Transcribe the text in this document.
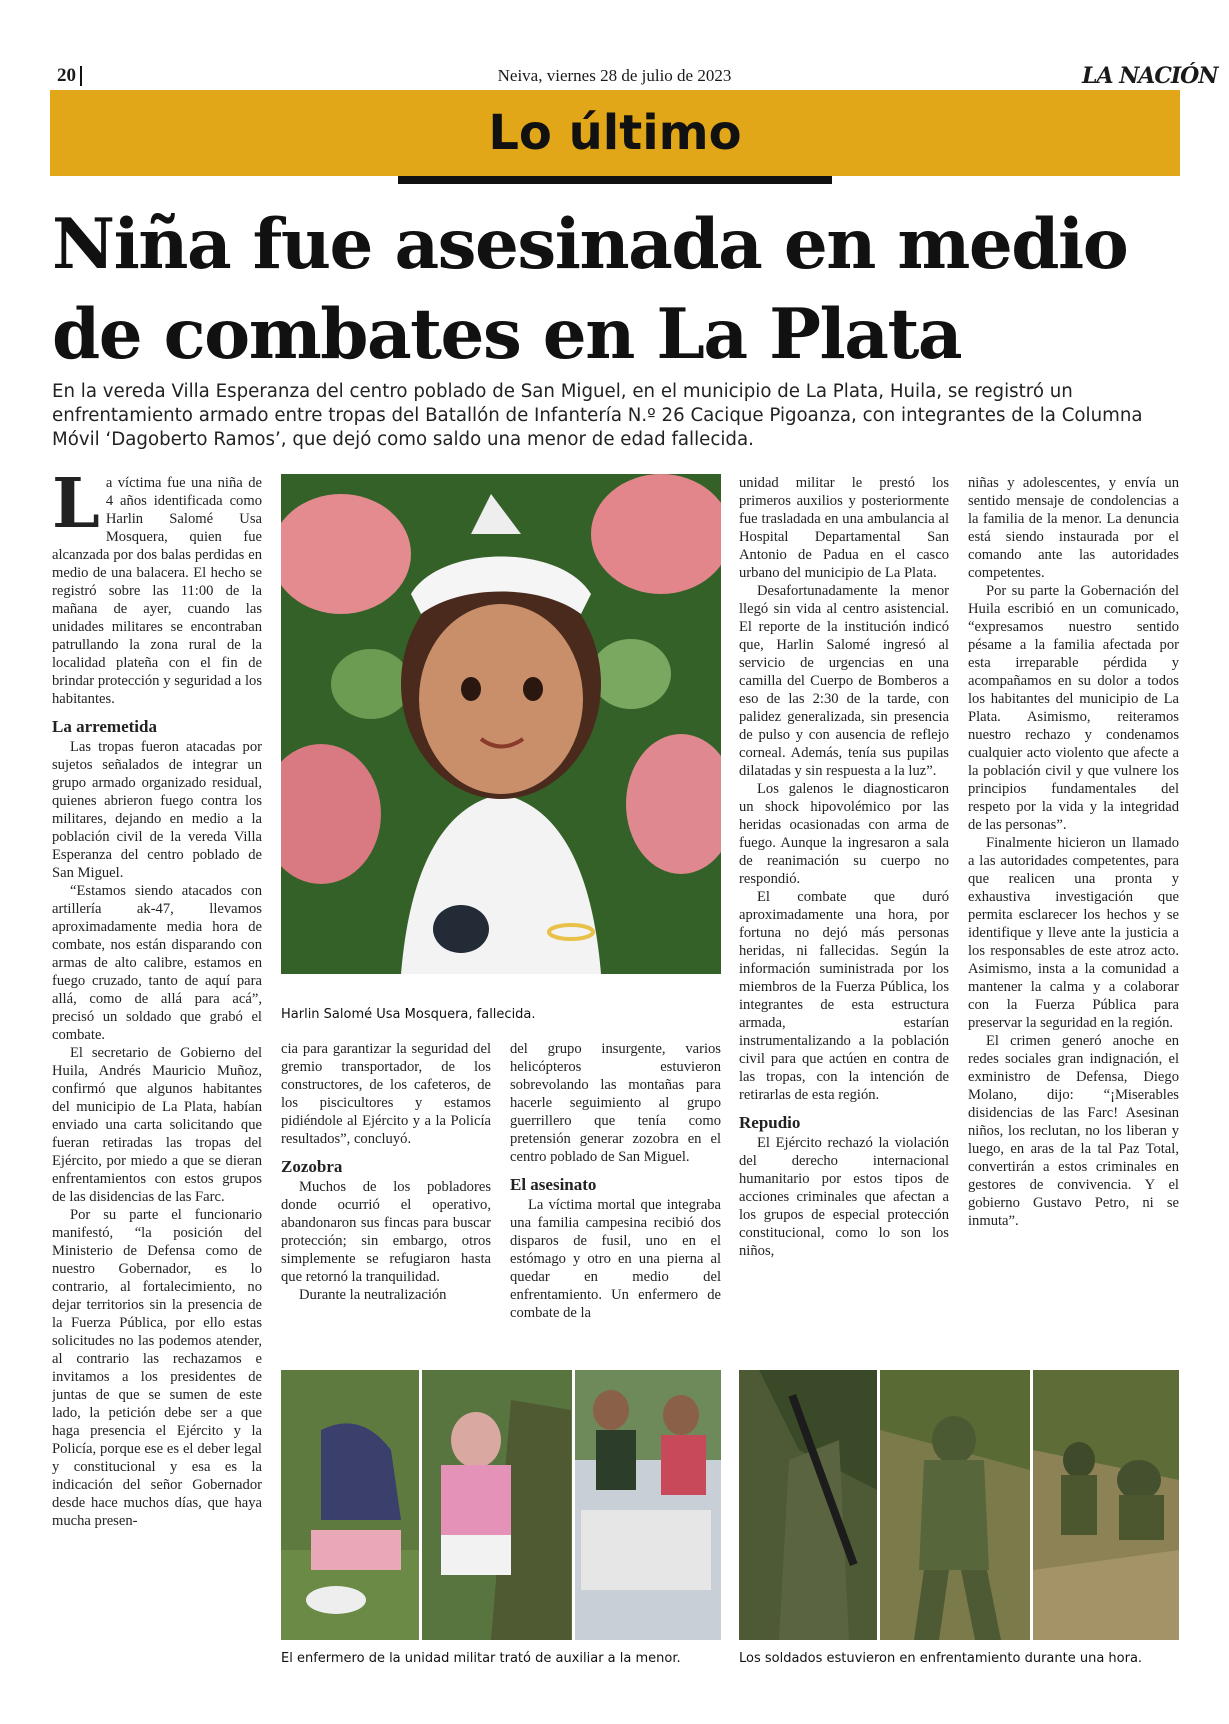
20	Neiva, viernes 28 de julio de 2023	LA NACIÓN
Lo último
Niña fue asesinada en medio de combates en La Plata

En la vereda Villa Esperanza del centro poblado de San Miguel, en el municipio de La Plata, Huila, se registró un enfrentamiento armado entre tropas del Batallón de Infantería N.º 26 Cacique Pigoanza, con integrantes de la Columna Móvil ‘Dagoberto Ramos’, que dejó como saldo una menor de edad fallecida.

La víctima fue una niña de 4 años identificada como Harlin Salomé Usa Mosquera, quien fue alcanzada por dos balas perdidas en medio de una balacera. El hecho se registró sobre las 11:00 de la mañana de ayer, cuando las unidades militares se encontraban patrullando la zona rural de la localidad plateña con el fin de brindar protección y seguridad a los habitantes.

La arremetida

Las tropas fueron atacadas por sujetos señalados de integrar un grupo armado organizado residual, quienes abrieron fuego contra los militares, dejando en medio a la población civil de la vereda Villa Esperanza del centro poblado de San Miguel.

“Estamos siendo atacados con artillería ak-47, llevamos aproximadamente media hora de combate, nos están disparando con armas de alto calibre, estamos en fuego cruzado, tanto de aquí para allá, como de allá para acá”, precisó un soldado que grabó el combate.

El secretario de Gobierno del Huila, Andrés Mauricio Muñoz, confirmó que algunos habitantes del municipio de La Plata, habían enviado una carta solicitando que fueran retiradas las tropas del Ejército, por miedo a que se dieran enfrentamientos con estos grupos de las disidencias de las Farc.

Por su parte el funcionario manifestó, “la posición del Ministerio de Defensa como de nuestro Gobernador, es lo contrario, al fortalecimiento, no dejar territorios sin la presencia de la Fuerza Pública, por ello estas solicitudes no las podemos atender, al contrario las rechazamos e invitamos a los presidentes de juntas de que se sumen de este lado, la petición debe ser a que haga presencia el Ejército y la Policía, porque ese es el deber legal y constitucional y esa es la indicación del señor Gobernador desde hace muchos días, que haya mucha presen-

Harlin Salomé Usa Mosquera, fallecida.

cia para garantizar la seguridad del gremio transportador, de los constructores, de los cafeteros, de los piscicultores y estamos pidiéndole al Ejército y a la Policía resultados”, concluyó.

Zozobra

Muchos de los pobladores donde ocurrió el operativo, abandonaron sus fincas para buscar protección; sin embargo, otros simplemente se refugiaron hasta que retornó la tranquilidad.

Durante la neutralización

del grupo insurgente, varios helicópteros estuvieron sobrevolando las montañas para hacerle seguimiento al grupo guerrillero que tenía como pretensión generar zozobra en el centro poblado de San Miguel.

El asesinato

La víctima mortal que integraba una familia campesina recibió dos disparos de fusil, uno en el estómago y otro en una pierna al quedar en medio del enfrentamiento. Un enfermero de combate de la

unidad militar le prestó los primeros auxilios y posteriormente fue trasladada en una ambulancia al Hospital Departamental San Antonio de Padua en el casco urbano del municipio de La Plata.

Desafortunadamente la menor llegó sin vida al centro asistencial. El reporte de la institución indicó que, Harlin Salomé ingresó al servicio de urgencias en una camilla del Cuerpo de Bomberos a eso de las 2:30 de la tarde, con palidez generalizada, sin presencia de pulso y con ausencia de reflejo corneal. Además, tenía sus pupilas dilatadas y sin respuesta a la luz”.

Los galenos le diagnosticaron un shock hipovolémico por las heridas ocasionadas con arma de fuego. Aunque la ingresaron a sala de reanimación su cuerpo no respondió.

El combate que duró aproximadamente una hora, por fortuna no dejó más personas heridas, ni fallecidas. Según la información suministrada por los miembros de la Fuerza Pública, los integrantes de esta estructura armada, estarían instrumentalizando a la población civil para que actúen en contra de las tropas, con la intención de retirarlas de esta región.

Repudio

El Ejército rechazó la violación del derecho internacional humanitario por estos tipos de acciones criminales que afectan a los grupos de especial protección constitucional, como lo son los niños,

niñas y adolescentes, y envía un sentido mensaje de condolencias a la familia de la menor. La denuncia está siendo instaurada por el comando ante las autoridades competentes.

Por su parte la Gobernación del Huila escribió en un comunicado, “expresamos nuestro sentido pésame a la familia afectada por esta irreparable pérdida y acompañamos en su dolor a todos los habitantes del municipio de La Plata. Asimismo, reiteramos nuestro rechazo y condenamos cualquier acto violento que afecte a la población civil y que vulnere los principios fundamentales del respeto por la vida y la integridad de las personas”.

Finalmente hicieron un llamado a las autoridades competentes, para que realicen una pronta y exhaustiva investigación que permita esclarecer los hechos y se identifique y lleve ante la justicia a los responsables de este atroz acto. Asimismo, insta a la comunidad a mantener la calma y a colaborar con la Fuerza Pública para preservar la seguridad en la región.

El crimen generó anoche en redes sociales gran indignación, el exministro de Defensa, Diego Molano, dijo: “¡Miserables disidencias de las Farc! Asesinan niños, los reclutan, no los liberan y luego, en aras de la tal Paz Total, convertirán a estos criminales en gestores de convivencia. Y el gobierno Gustavo Petro, ni se inmuta”.

El enfermero de la unidad militar trató de auxiliar a la menor.	Los soldados estuvieron en enfrentamiento durante una hora.
